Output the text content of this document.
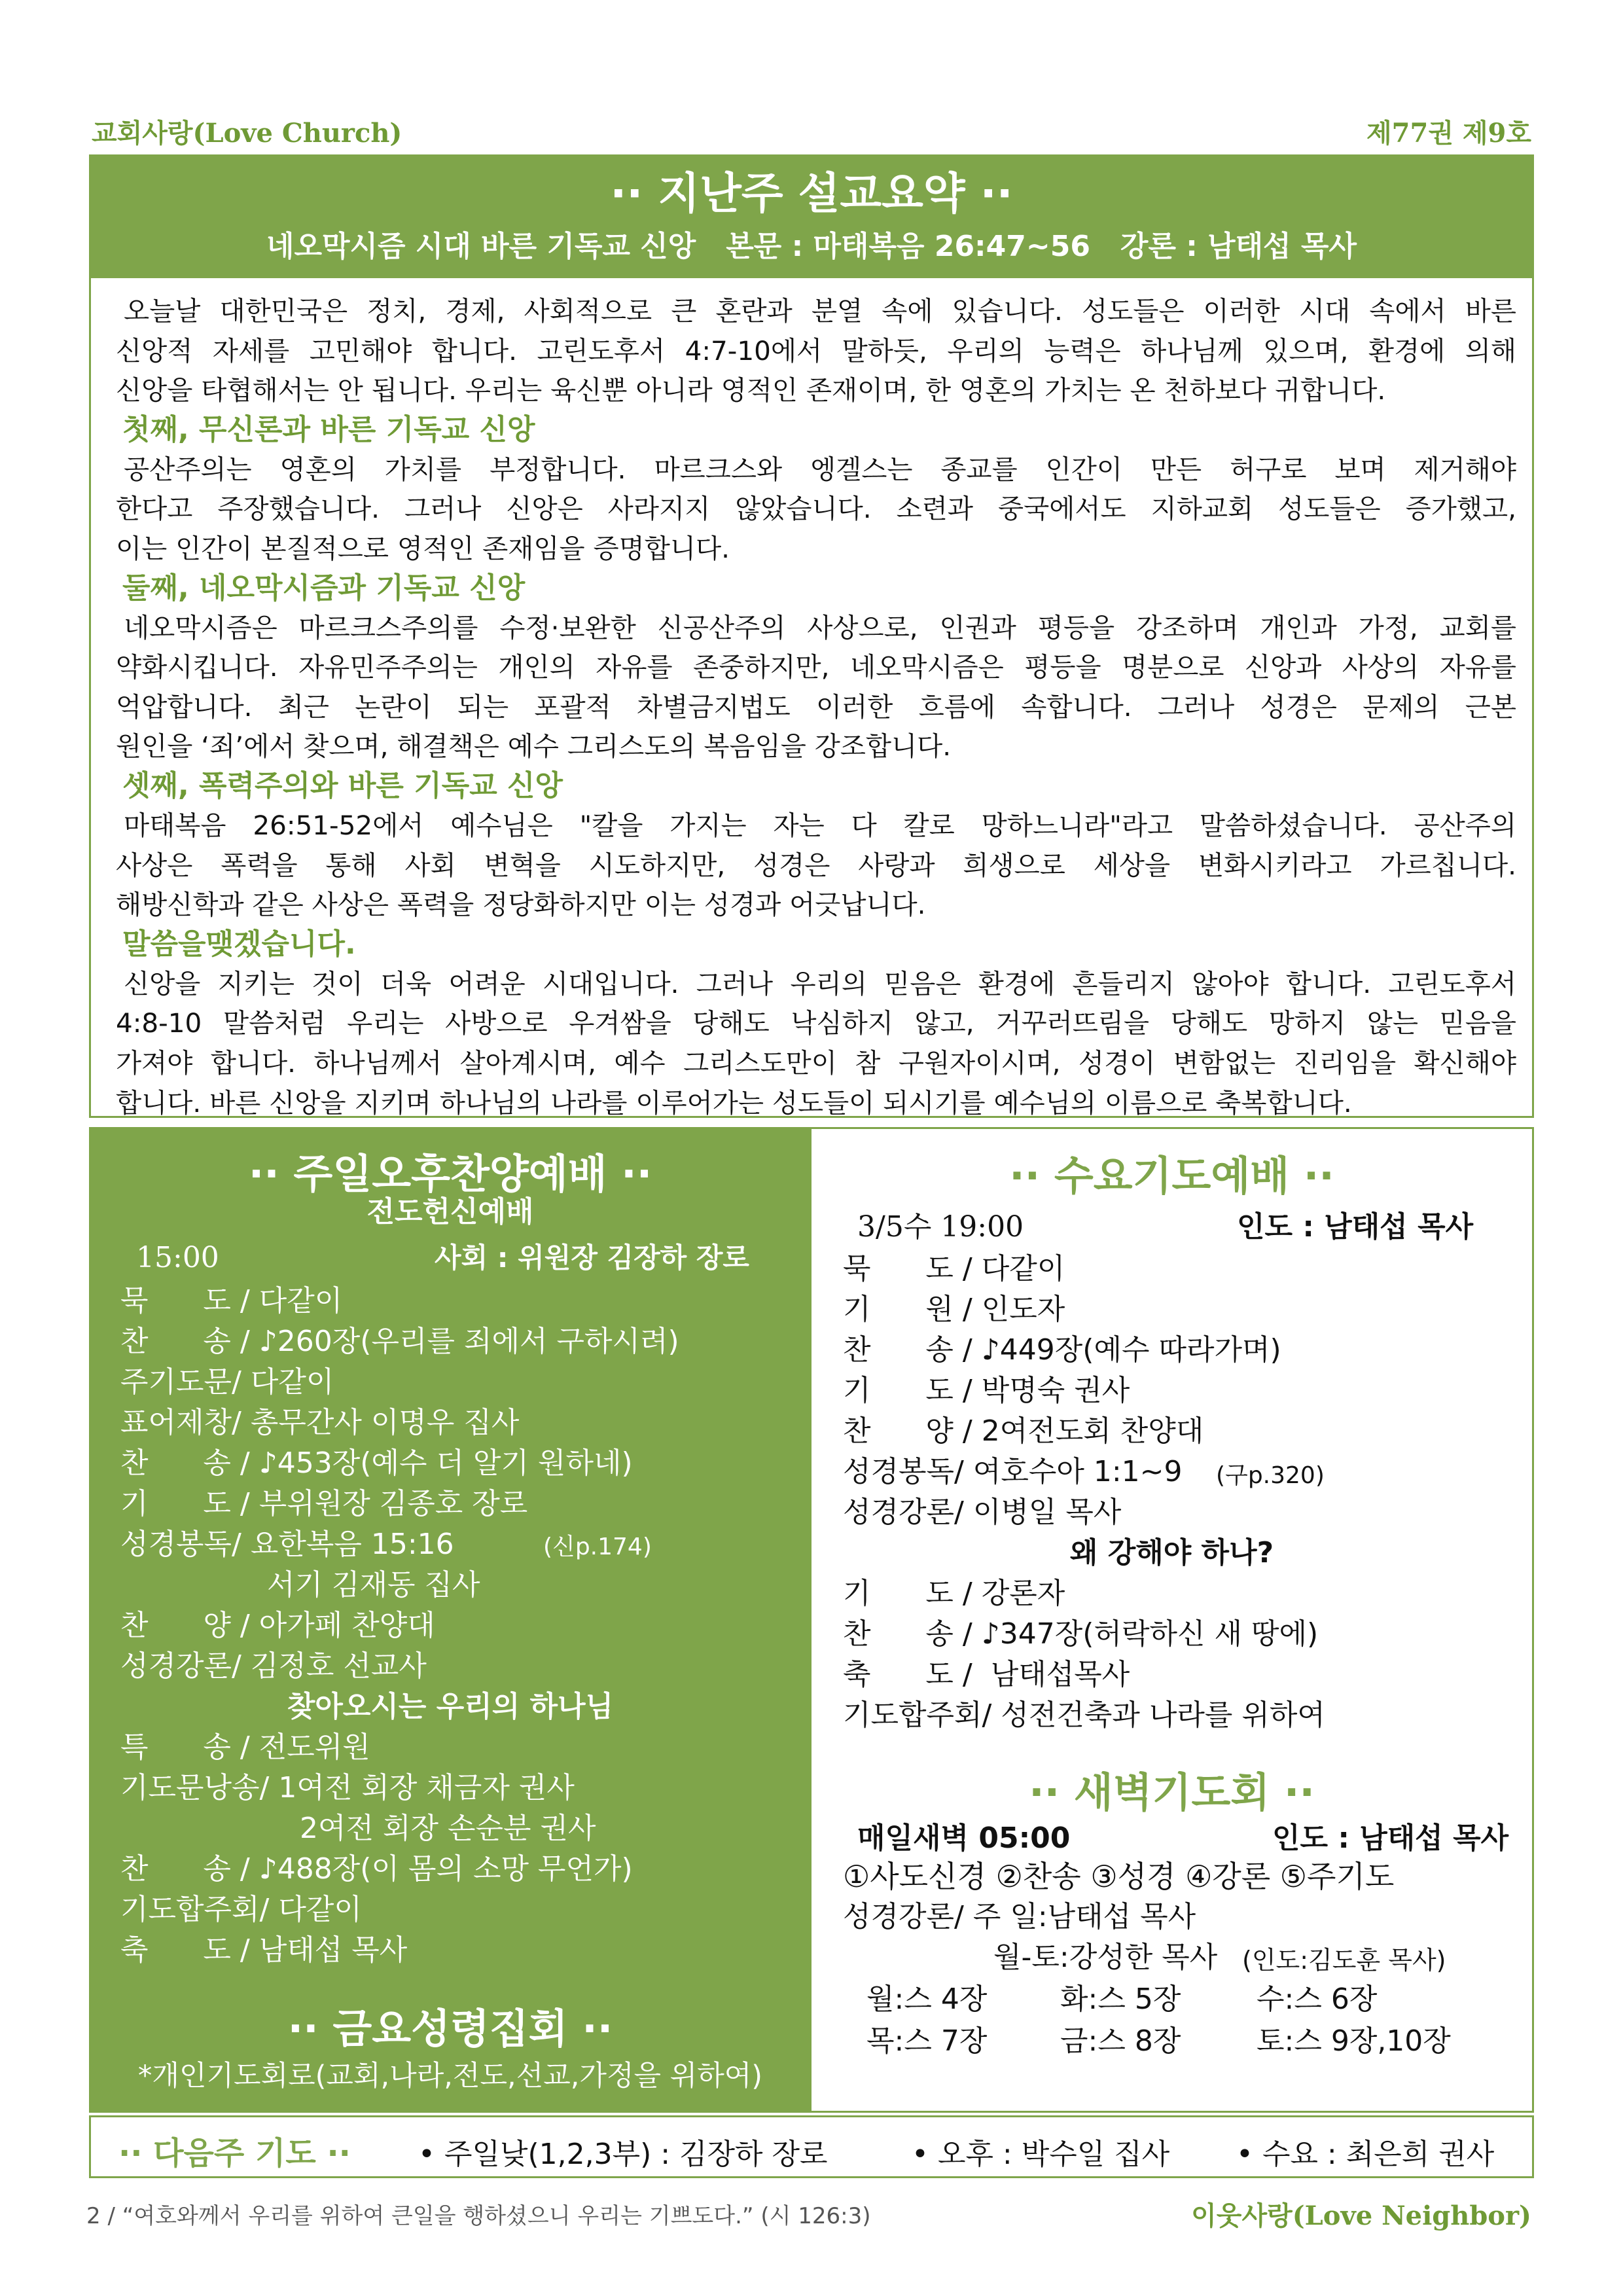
교회사랑(Love Church)	제77권 제9호
·· 지난주 설교요약 ··
네오막시즘 시대 바른 기독교 신앙   본문 : 마태복음 26:47~56   강론 : 남태섭 목사

오늘날 대한민국은 정치, 경제, 사회적으로 큰 혼란과 분열 속에 있습니다. 성도들은 이러한 시대 속에서 바른

신앙적 자세를 고민해야 합니다. 고린도후서 4:7-10에서 말하듯, 우리의 능력은 하나님께 있으며, 환경에 의해

신앙을 타협해서는 안 됩니다. 우리는 육신뿐 아니라 영적인 존재이며, 한 영혼의 가치는 온 천하보다 귀합니다.

첫째, 무신론과 바른 기독교 신앙

공산주의는 영혼의 가치를 부정합니다. 마르크스와 엥겔스는 종교를 인간이 만든 허구로 보며 제거해야

한다고 주장했습니다. 그러나 신앙은 사라지지 않았습니다. 소련과 중국에서도 지하교회 성도들은 증가했고,

이는 인간이 본질적으로 영적인 존재임을 증명합니다.

둘째, 네오막시즘과 기독교 신앙

네오막시즘은 마르크스주의를 수정·보완한 신공산주의 사상으로, 인권과 평등을 강조하며 개인과 가정, 교회를

약화시킵니다. 자유민주주의는 개인의 자유를 존중하지만, 네오막시즘은 평등을 명분으로 신앙과 사상의 자유를

억압합니다. 최근 논란이 되는 포괄적 차별금지법도 이러한 흐름에 속합니다. 그러나 성경은 문제의 근본

원인을 ‘죄’에서 찾으며, 해결책은 예수 그리스도의 복음임을 강조합니다.

셋째, 폭력주의와 바른 기독교 신앙

마태복음 26:51-52에서 예수님은 "칼을 가지는 자는 다 칼로 망하느니라"라고 말씀하셨습니다. 공산주의

사상은 폭력을 통해 사회 변혁을 시도하지만, 성경은 사랑과 희생으로 세상을 변화시키라고 가르칩니다.

해방신학과 같은 사상은 폭력을 정당화하지만 이는 성경과 어긋납니다.

말씀을맺겠습니다.

신앙을 지키는 것이 더욱 어려운 시대입니다. 그러나 우리의 믿음은 환경에 흔들리지 않아야 합니다. 고린도후서

4:8-10 말씀처럼 우리는 사방으로 우겨쌈을 당해도 낙심하지 않고, 거꾸러뜨림을 당해도 망하지 않는 믿음을

가져야 합니다. 하나님께서 살아계시며, 예수 그리스도만이 참 구원자이시며, 성경이 변함없는 진리임을 확신해야

합니다. 바른 신앙을 지키며 하나님의 나라를 이루어가는 성도들이 되시기를 예수님의 이름으로 축복합니다.

·· 주일오후찬양예배 ··
전도헌신예배
15:00	사회 : 위원장 김장하 장로
묵      도 / 다같이
찬      송 / ♪260장(우리를 죄에서 구하시려)
주기도문/ 다같이
표어제창/ 총무간사 이명우 집사
찬      송 / ♪453장(예수 더 알기 원하네)
기      도 / 부위원장 김종호 장로
성경봉독/ 요한복음 15:16	(신p.174)
서기 김재동 집사
찬      양 / 아가페 찬양대
성경강론/ 김정호 선교사
찾아오시는 우리의 하나님
특      송 / 전도위원
기도문낭송/ 1여전 회장 채금자 권사
2여전 회장 손순분 권사
찬      송 / ♪488장(이 몸의 소망 무언가)
기도합주회/ 다같이
축      도 / 남태섭 목사
·· 금요성령집회 ··
*개인기도회로(교회,나라,전도,선교,가정을 위하여)
·· 수요기도예배 ··
3/5수 19:00	인도 : 남태섭 목사
묵      도 / 다같이
기      원 / 인도자
찬      송 / ♪449장(예수 따라가며)
기      도 / 박명숙 권사
찬      양 / 2여전도회 찬양대
성경봉독/ 여호수아 1:1~9 (구p.320)
성경강론/ 이병일 목사
왜 강해야 하나?
기      도 / 강론자
찬      송 / ♪347장(허락하신 새 땅에)
축      도 /  남태섭목사
기도합주회/ 성전건축과 나라를 위하여
·· 새벽기도회 ··
매일새벽 05:00	인도 : 남태섭 목사
①사도신경 ②찬송 ③성경 ④강론 ⑤주기도
성경강론/ 주 일:남태섭 목사
월-토:강성한 목사 (인도:김도훈 목사)
월:스 4장	화:스 5장	수:스 6장
목:스 7장	금:스 8장	토:스 9장,10장
·· 다음주 기도 ·· • 주일낮(1,2,3부) : 김장하 장로	• 오후 : 박수일 집사 • 수요 : 최은희 권사
2 / “여호와께서 우리를 위하여 큰일을 행하셨으니 우리는 기쁘도다.” (시 126:3)	이웃사랑(Love Neighbor)
